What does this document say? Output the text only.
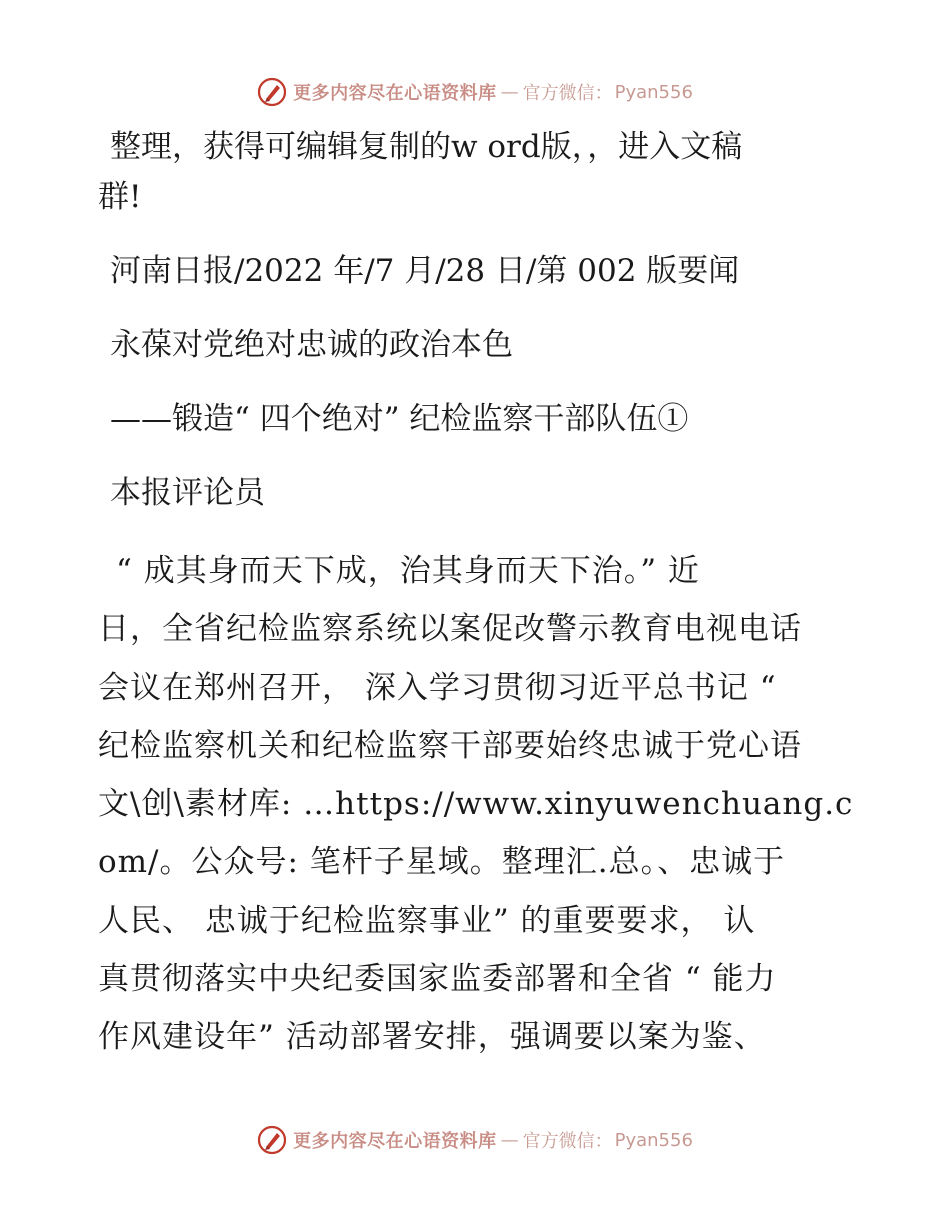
更多内容尽在心语资料库 — 官方微信： Pyan556

整理，获得可编辑复制的w ord版，，进入文稿

群!

河南日报/2022 年/7 月/28 日/第 002 版要闻

永葆对党绝对忠诚的政治本色

——锻造“ 四个绝对” 纪检监察干部队伍①

本报评论员

“ 成其身而天下成，治其身而天下治。” 近

日，全省纪检监察系统以案促改警示教育电视电话

会议在郑州召开， 深入学习贯彻习近平总书记 “

纪检监察机关和纪检监察干部要始终忠诚于党心语

文\创\素材库: …https://www.xinyuwenchuang.c

om/。公众号: 笔杆子星域。整理汇.总。、忠诚于

人民、 忠诚于纪检监察事业” 的重要要求， 认

真贯彻落实中央纪委国家监委部署和全省 “ 能力

作风建设年” 活动部署安排，强调要以案为鉴、

更多内容尽在心语资料库 — 官方微信： Pyan556
